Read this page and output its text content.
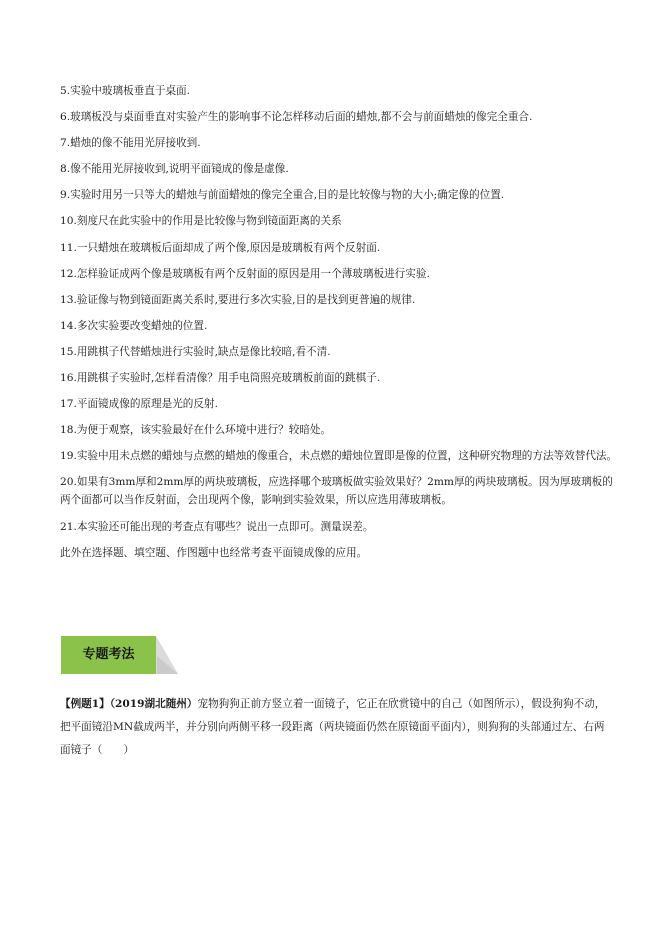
5.实验中玻璃板垂直于桌面.
6.玻璃板没与桌面垂直对实验产生的影响事不论怎样移动后面的蜡烛,都不会与前面蜡烛的像完全重合.
7.蜡烛的像不能用光屏接收到.
8.像不能用光屏接收到,说明平面镜成的像是虚像.
9.实验时用另一只等大的蜡烛与前面蜡烛的像完全重合,目的是比较像与物的大小;确定像的位置.
10.刻度尺在此实验中的作用是比较像与物到镜面距离的关系
11.一只蜡烛在玻璃板后面却成了两个像,原因是玻璃板有两个反射面.
12.怎样验证成两个像是玻璃板有两个反射面的原因是用一个薄玻璃板进行实验.
13.验证像与物到镜面距离关系时,要进行多次实验,目的是找到更普遍的规律.
14.多次实验要改变蜡烛的位置.
15.用跳棋子代替蜡烛进行实验时,缺点是像比较暗,看不清.
16.用跳棋子实验时,怎样看清像？用手电筒照亮玻璃板前面的跳棋子.
17.平面镜成像的原理是光的反射.
18.为便于观察，该实验最好在什么环境中进行？较暗处。
19.实验中用未点燃的蜡烛与点燃的蜡烛的像重合，未点燃的蜡烛位置即是像的位置，这种研究物理的方法等效替代法。
20.如果有3mm厚和2mm厚的两块玻璃板，应选择哪个玻璃板做实验效果好？2mm厚的两块玻璃板。因为厚玻璃板的两个面都可以当作反射面，会出现两个像，影响到实验效果，所以应选用薄玻璃板。
21.本实验还可能出现的考查点有哪些？说出一点即可。测量误差。
此外在选择题、填空题、作图题中也经常考查平面镜成像的应用。
专题考法
【例题1】（2019湖北随州）宠物狗狗正前方竖立着一面镜子，它正在欣赏镜中的自己（如图所示），假设狗狗不动，把平面镜沿MN截成两半，并分别向两侧平移一段距离（两块镜面仍然在原镜面平面内），则狗狗的头部通过左、右两面镜子（　　）
